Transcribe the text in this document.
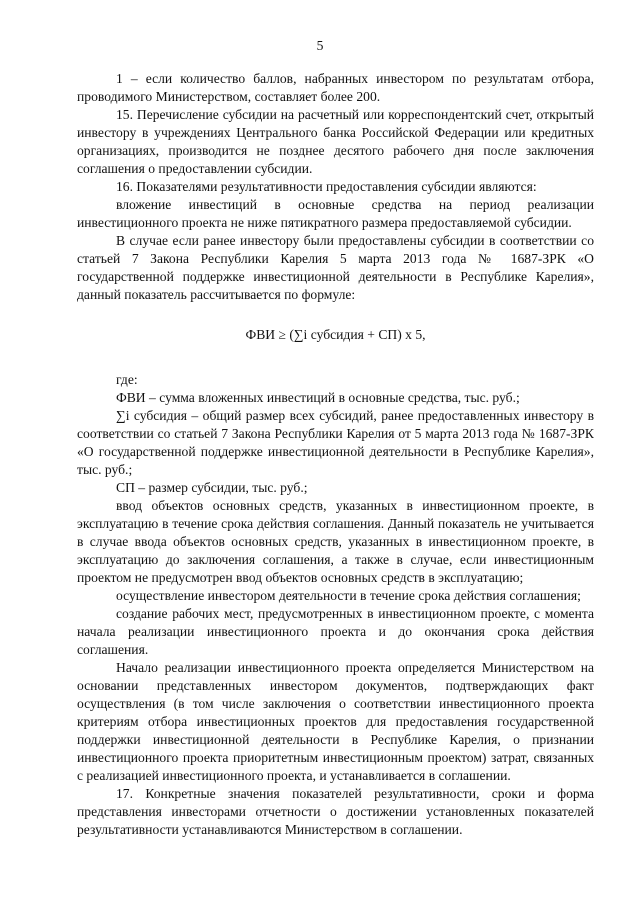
5

1 – если количество баллов, набранных инвестором по результатам отбора, проводимого Министерством, составляет более 200.

15. Перечисление субсидии на расчетный или корреспондентский счет, открытый инвестору в учреждениях Центрального банка Российской Федерации или кредитных организациях, производится не позднее десятого рабочего дня после заключения соглашения о предоставлении субсидии.

16. Показателями результативности предоставления субсидии являются:

вложение инвестиций в основные средства на период реализации инвестиционного проекта не ниже пятикратного размера предоставляемой субсидии.

В случае если ранее инвестору были предоставлены субсидии в соответствии со статьей 7 Закона Республики Карелия 5 марта 2013 года № 1687-ЗРК «О государственной поддержке инвестиционной деятельности в Республике Карелия», данный показатель рассчитывается по формуле:

ФВИ ≥ (∑i субсидия + СП) х 5,

где:

ФВИ – сумма вложенных инвестиций в основные средства, тыс. руб.;

∑i субсидия – общий размер всех субсидий, ранее предоставленных инвестору в соответствии со статьей 7 Закона Республики Карелия от 5 марта 2013 года № 1687-ЗРК «О государственной поддержке инвестиционной деятельности в Республике Карелия», тыс. руб.;

СП – размер субсидии, тыс. руб.;

ввод объектов основных средств, указанных в инвестиционном проекте, в эксплуатацию в течение срока действия соглашения. Данный показатель не учитывается в случае ввода объектов основных средств, указанных в инвестиционном проекте, в эксплуатацию до заключения соглашения, а также в случае, если инвестиционным проектом не предусмотрен ввод объектов основных средств в эксплуатацию;

осуществление инвестором деятельности в течение срока действия соглашения;

создание рабочих мест, предусмотренных в инвестиционном проекте, с момента начала реализации инвестиционного проекта и до окончания срока действия соглашения.

Начало реализации инвестиционного проекта определяется Министерством на основании представленных инвестором документов, подтверждающих факт осуществления (в том числе заключения о соответствии инвестиционного проекта критериям отбора инвестиционных проектов для предоставления государственной поддержки инвестиционной деятельности в Республике Карелия, о признании инвестиционного проекта приоритетным инвестиционным проектом) затрат, связанных с реализацией инвестиционного проекта, и устанавливается в соглашении.

17. Конкретные значения показателей результативности, сроки и форма представления инвесторами отчетности о достижении установленных показателей результативности устанавливаются Министерством в соглашении.
